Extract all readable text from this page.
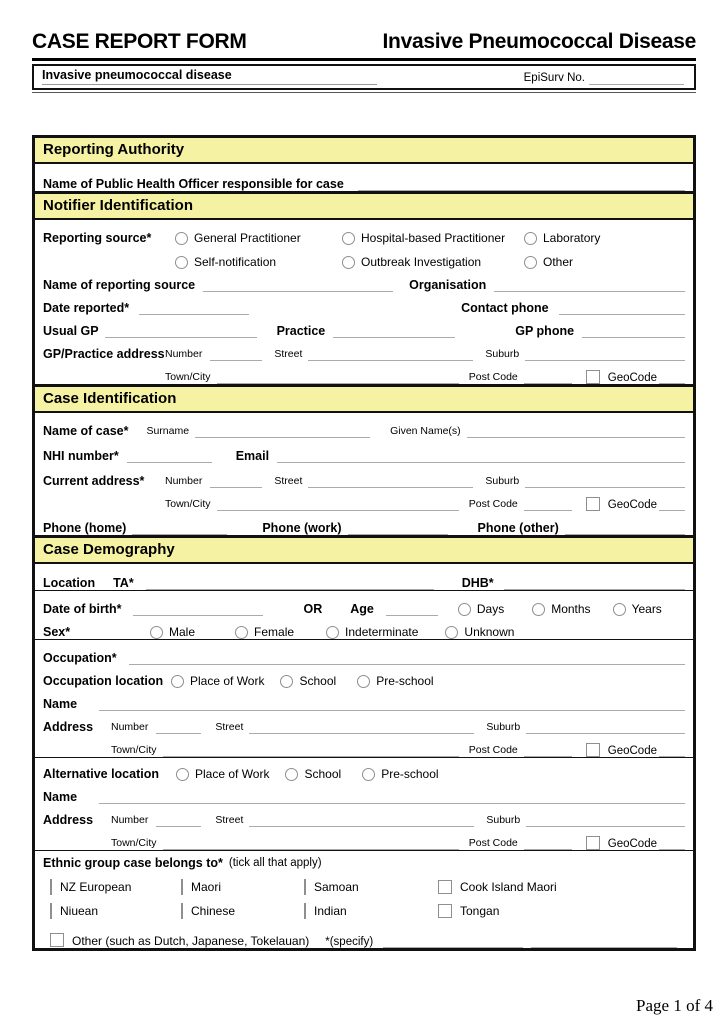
CASE REPORT FORM	Invasive Pneumococcal Disease
Invasive pneumococcal disease	EpiSurv No.
Reporting Authority
Name of Public Health Officer responsible for case
Notifier Identification
Reporting source*	General Practitioner	Hospital-based Practitioner	Laboratory
Self-notification	Outbreak Investigation	Other
Name of reporting source	Organisation
Date reported*	Contact phone
Usual GP	Practice	GP phone
GP/Practice address Number	Street	Suburb
Town/City	Post Code	GeoCode
Case Identification
Name of case* Surname	Given Name(s)
NHI number*	Email
Current address*	Number	Street	Suburb
Town/City	Post Code	GeoCode
Phone (home)	Phone (work)	Phone (other)
Case Demography
Location TA*	DHB*
Date of birth*	OR Age	Days	Months	Years
Sex*	Male	Female	Indeterminate	Unknown
Occupation*
Occupation location	Place of Work	School	Pre-school
Name
Address	Number	Street	Suburb
Town/City	Post Code	GeoCode
Alternative location	Place of Work	School	Pre-school
Name
Address	Number	Street	Suburb
Town/City	Post Code	GeoCode
Ethnic group case belongs to* (tick all that apply)
NZ European	Maori	Samoan	Cook Island Maori
Niuean	Chinese	Indian	Tongan
Other (such as Dutch, Japanese, Tokelauan) *(specify)
Page 1 of 4
